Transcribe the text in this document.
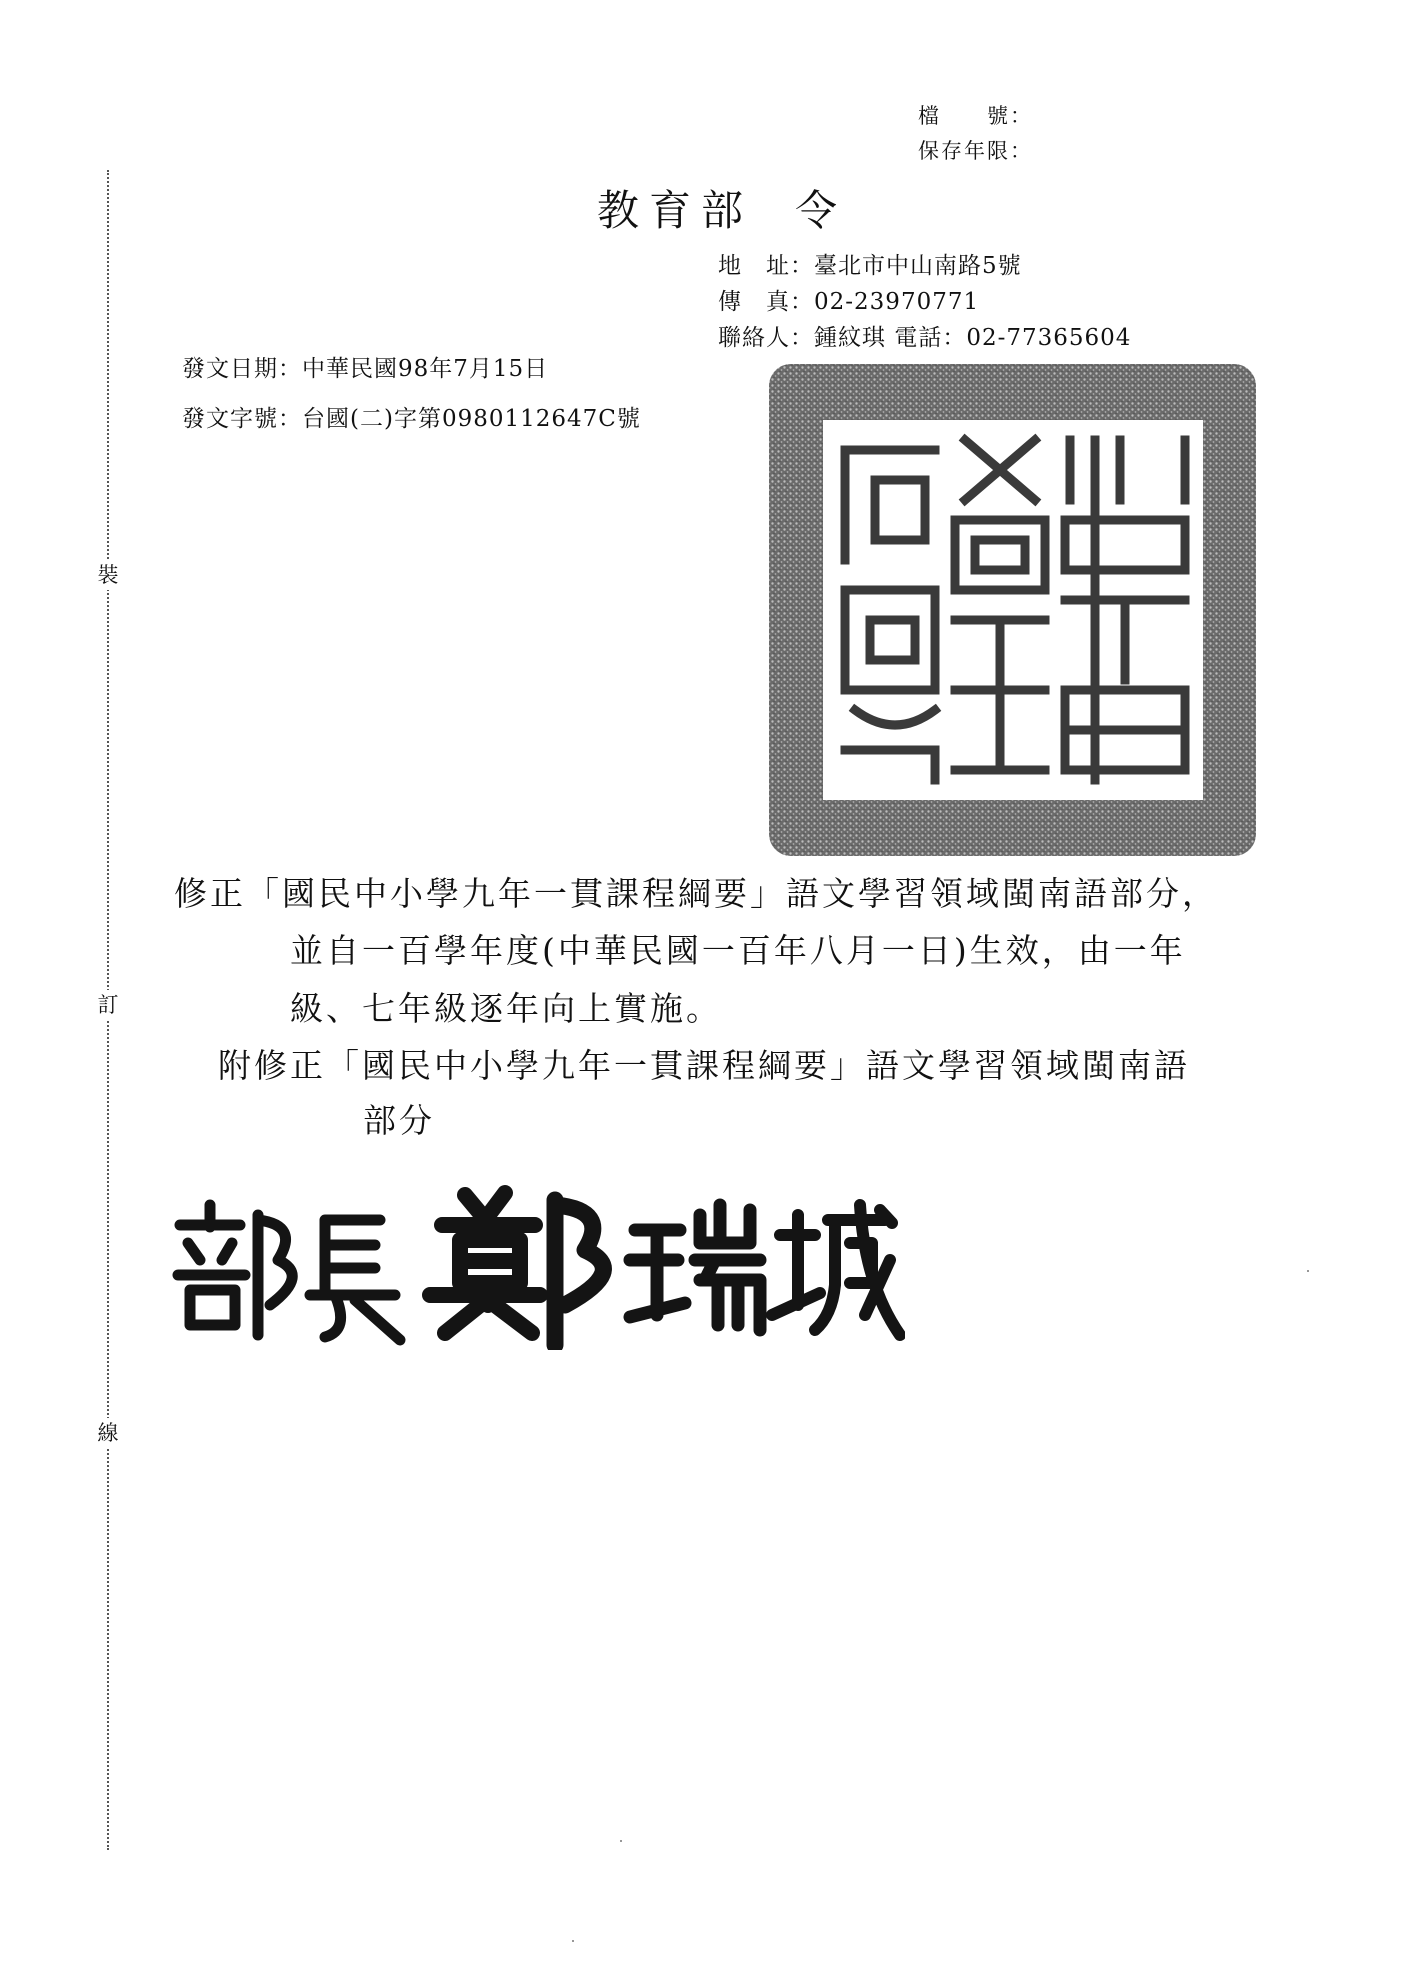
裝
訂
線
檔　　號：
保存年限：
教育部 令
地　址：臺北市中山南路5號
傳　真：02-23970771
聯絡人：鍾紋琪 電話：02-77365604
發文日期：中華民國98年7月15日
發文字號：台國(二)字第0980112647C號
修正「國民中小學九年一貫課程綱要」語文學習領域閩南語部分，
並自一百學年度(中華民國一百年八月一日)生效，由一年
級、七年級逐年向上實施。
附修正「國民中小學九年一貫課程綱要」語文學習領域閩南語
部分
